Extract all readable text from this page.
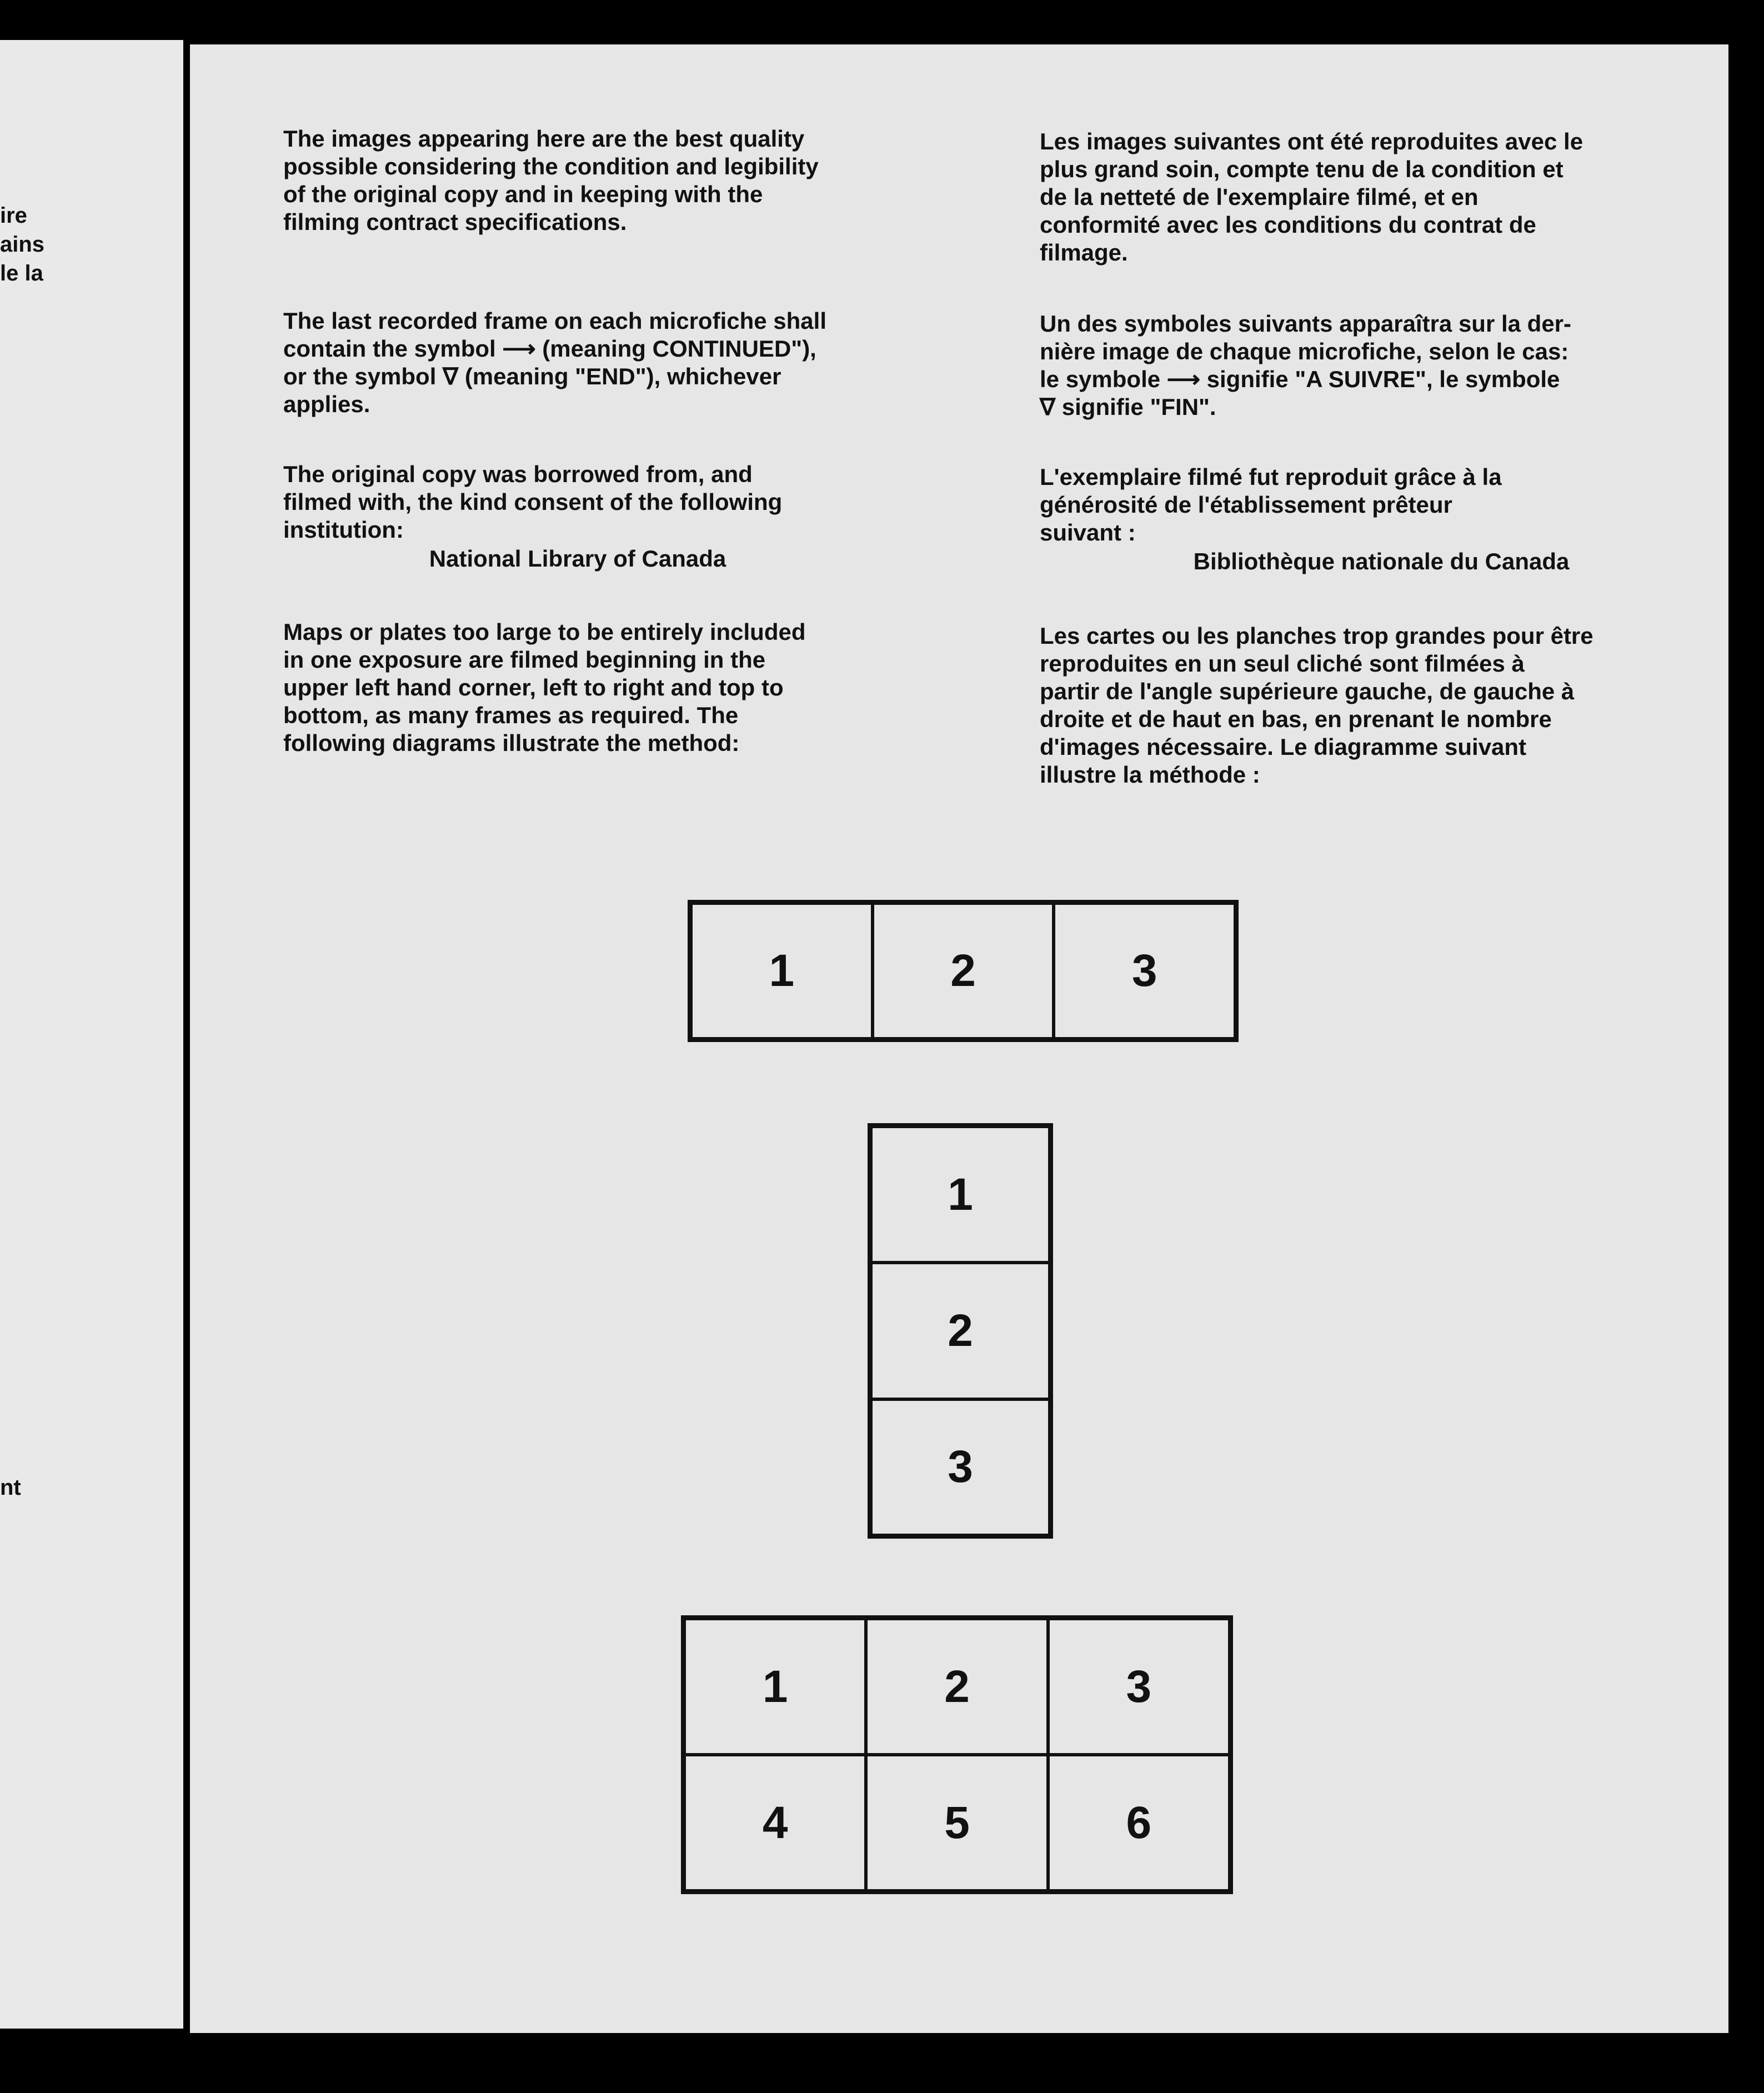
ire
ains
le la
nt

The images appearing here are the best quality
possible considering the condition and legibility
of the original copy and in keeping with the
filming contract specifications.

The last recorded frame on each microfiche shall
contain the symbol ⟶ (meaning CONTINUED"),
or the symbol ∇ (meaning "END"), whichever
applies.

The original copy was borrowed from, and
filmed with, the kind consent of the following
institution:

National Library of Canada

Maps or plates too large to be entirely included
in one exposure are filmed beginning in the
upper left hand corner, left to right and top to
bottom, as many frames as required. The
following diagrams illustrate the method:

Les images suivantes ont été reproduites avec le
plus grand soin, compte tenu de la condition et
de la netteté de l'exemplaire filmé, et en
conformité avec les conditions du contrat de
filmage.

Un des symboles suivants apparaîtra sur la der-
nière image de chaque microfiche, selon le cas:
le symbole ⟶ signifie "A SUIVRE", le symbole
∇ signifie "FIN".

L'exemplaire filmé fut reproduit grâce à la
générosité de l'établissement prêteur
suivant :

Bibliothèque nationale du Canada

Les cartes ou les planches trop grandes pour être
reproduites en un seul cliché sont filmées à
partir de l'angle supérieure gauche, de gauche à
droite et de haut en bas, en prenant le nombre
d'images nécessaire. Le diagramme suivant
illustre la méthode :

1	2	3
1
2
3
1	2	3
4	5	6
